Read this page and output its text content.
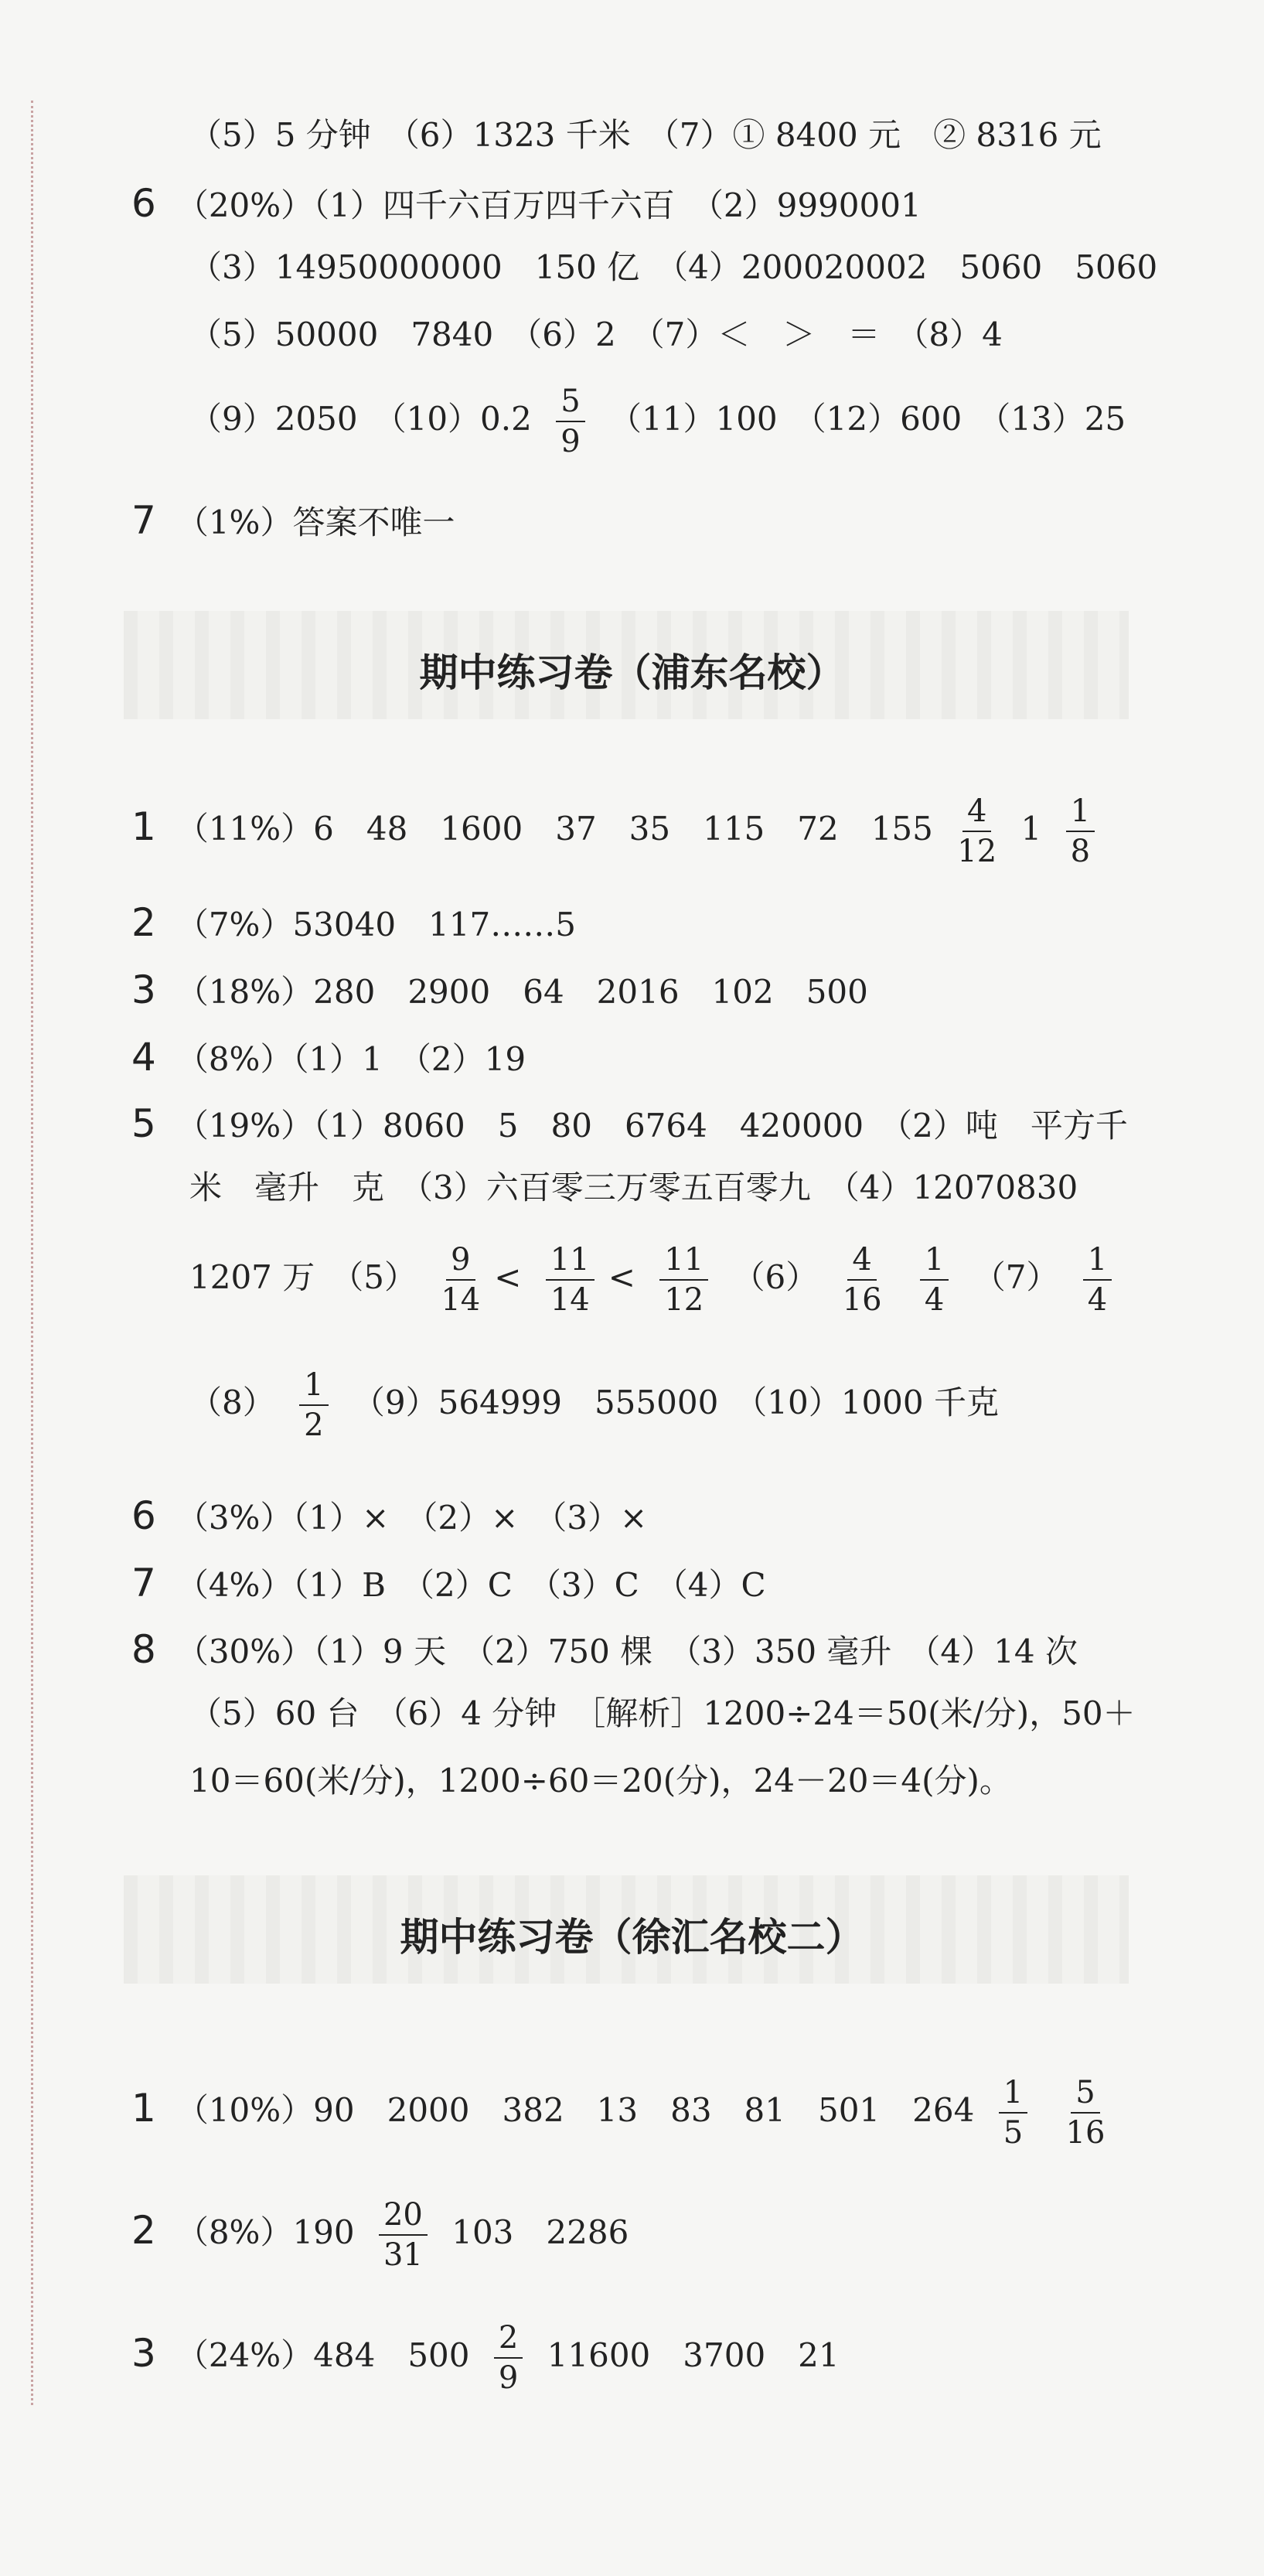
（5）5 分钟　（6）1323 千米　（7）① 8400 元　② 8316 元
6 （20%）（1）四千六百万四千六百　（2）9990001
（3）14950000000　150 亿　（4）200020002　5060　5060
（5）50000　7840　（6）2　（7）＜　＞　＝　（8）4
（9）2050　$(10)0.2 \frac{5}{9} (11)100$　（12）600　（13）25
7 （1%）答案不唯一
期中练习卷（浦东名校）
1 （11%）6　48　1600　37　35　115　72　$155 \frac{4}{12} 1 \frac{1}{8}$
2 （7%）53040　117……5
3 （18%）280　2900　64　2016　102　500
4 （8%）（1）1　（2）19
5 （19%）（1）8060　5　80　6764　420000　（2）吨　平方千
米　毫升　克　（3）六百零三万零五百零九　（4）12070830
1207 万　$(5) \frac{9}{14} < \frac{11}{14} < \frac{11}{12} (6) \frac{4}{16}$
$\frac{1}{4} (7) \frac{1}{4}$
$(8) \frac{1}{2} (9)564999$　555000　（10）1000 千克
6 （3%）（1）×　（2）×　（3）×
7 （4%）（1）B　（2）C　（3）C　（4）C
8 （30%）（1）9 天　（2）750 棵　（3）350 毫升　（4）14 次
（5）60 台　（6）4 分钟　［解析］1200÷24＝50(米/分)，50＋
10＝60(米/分)，1200÷60＝20(分)，24－20＝4(分)。
期中练习卷（徐汇名校二）
1 （10%）90　2000　382　13　83　81　501　$264 \frac{1}{5}$
$\frac{5}{16}$
2 $(8\%)190 \frac{20}{31} 103$　2286
3 （24%）484　$500 \frac{2}{9} 11600$　3700　21
